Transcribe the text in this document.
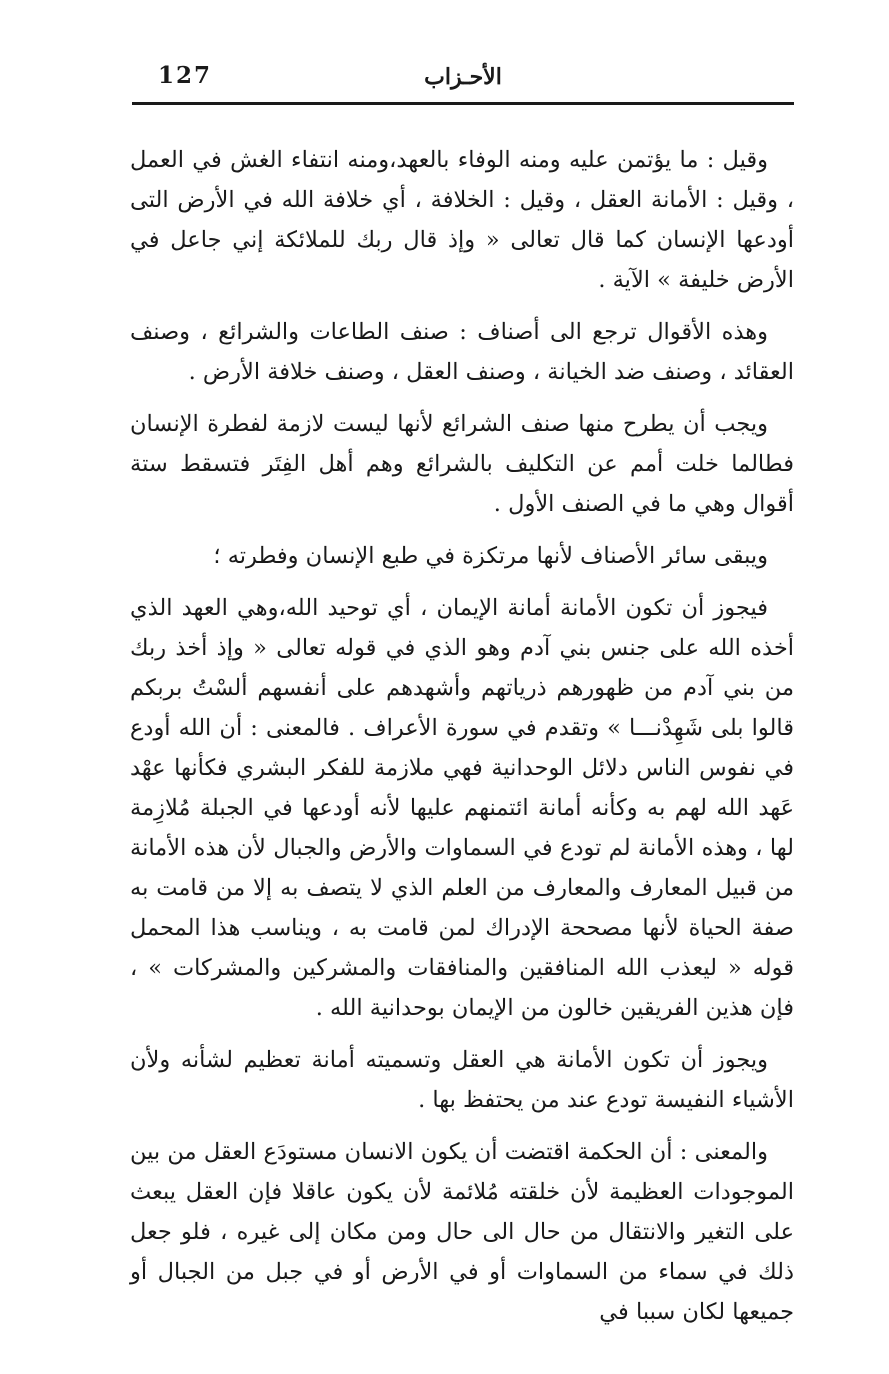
127	الأحـزاب

وقيل : ما يؤتمن عليه ومنه الوفاء بالعهد،ومنه انتفاء الغش في العمل ، وقيل : الأمانة العقل ، وقيل : الخلافة ، أي خلافة الله في الأرض التى أودعها الإنسان كما قال تعالى « وإذ قال ربك للملائكة إني جاعل في الأرض خليفة » الآية .

وهذه الأقوال ترجع الى أصناف : صنف الطاعات والشرائع ، وصنف العقائد ، وصنف ضد الخيانة ، وصنف العقل ، وصنف خلافة الأرض .

ويجب أن يطرح منها صنف الشرائع لأنها ليست لازمة لفطرة الإنسان فطالما خلت أمم عن التكليف بالشرائع وهم أهل الفِتَر فتسقط ستة أقوال وهي ما في الصنف الأول .

ويبقى سائر الأصناف لأنها مرتكزة في طبع الإنسان وفطرته ؛

فيجوز أن تكون الأمانة أمانة الإيمان ، أي توحيد الله،وهي العهد الذي أخذه الله على جنس بني آدم وهو الذي في قوله تعالى « وإذ أخذ ربك من بني آدم من ظهورهم ذرياتهم وأشهدهم على أنفسهم ألسْتُ بربكم قالوا بلى شَهِدْنـــا » وتقدم في سورة الأعراف . فالمعنى : أن الله أودع في نفوس الناس دلائل الوحدانية فهي ملازمة للفكر البشري فكأنها عهْد عَهد الله لهم به وكأنه أمانة ائتمنهم عليها لأنه أودعها في الجبلة مُلازِمة لها ، وهذه الأمانة لم تودع في السماوات والأرض والجبال لأن هذه الأمانة من قبيل المعارف والمعارف من العلم الذي لا يتصف به إلا من قامت به صفة الحياة لأنها مصححة الإدراك لمن قامت به ، ويناسب هذا المحمل قوله « ليعذب الله المنافقين والمنافقات والمشركين والمشركات » ، فإن هذين الفريقين خالون من الإيمان بوحدانية الله .

ويجوز أن تكون الأمانة هي العقل وتسميته أمانة تعظيم لشأنه ولأن الأشياء النفيسة تودع عند من يحتفظ بها .

والمعنى : أن الحكمة اقتضت أن يكون الانسان مستودَع العقل من بين الموجودات العظيمة لأن خلقته مُلائمة لأن يكون عاقلا فإن العقل يبعث على التغير والانتقال من حال الى حال ومن مكان إلى غيره ، فلو جعل ذلك في سماء من السماوات أو في الأرض أو في جبل من الجبال أو جميعها لكان سببا في
